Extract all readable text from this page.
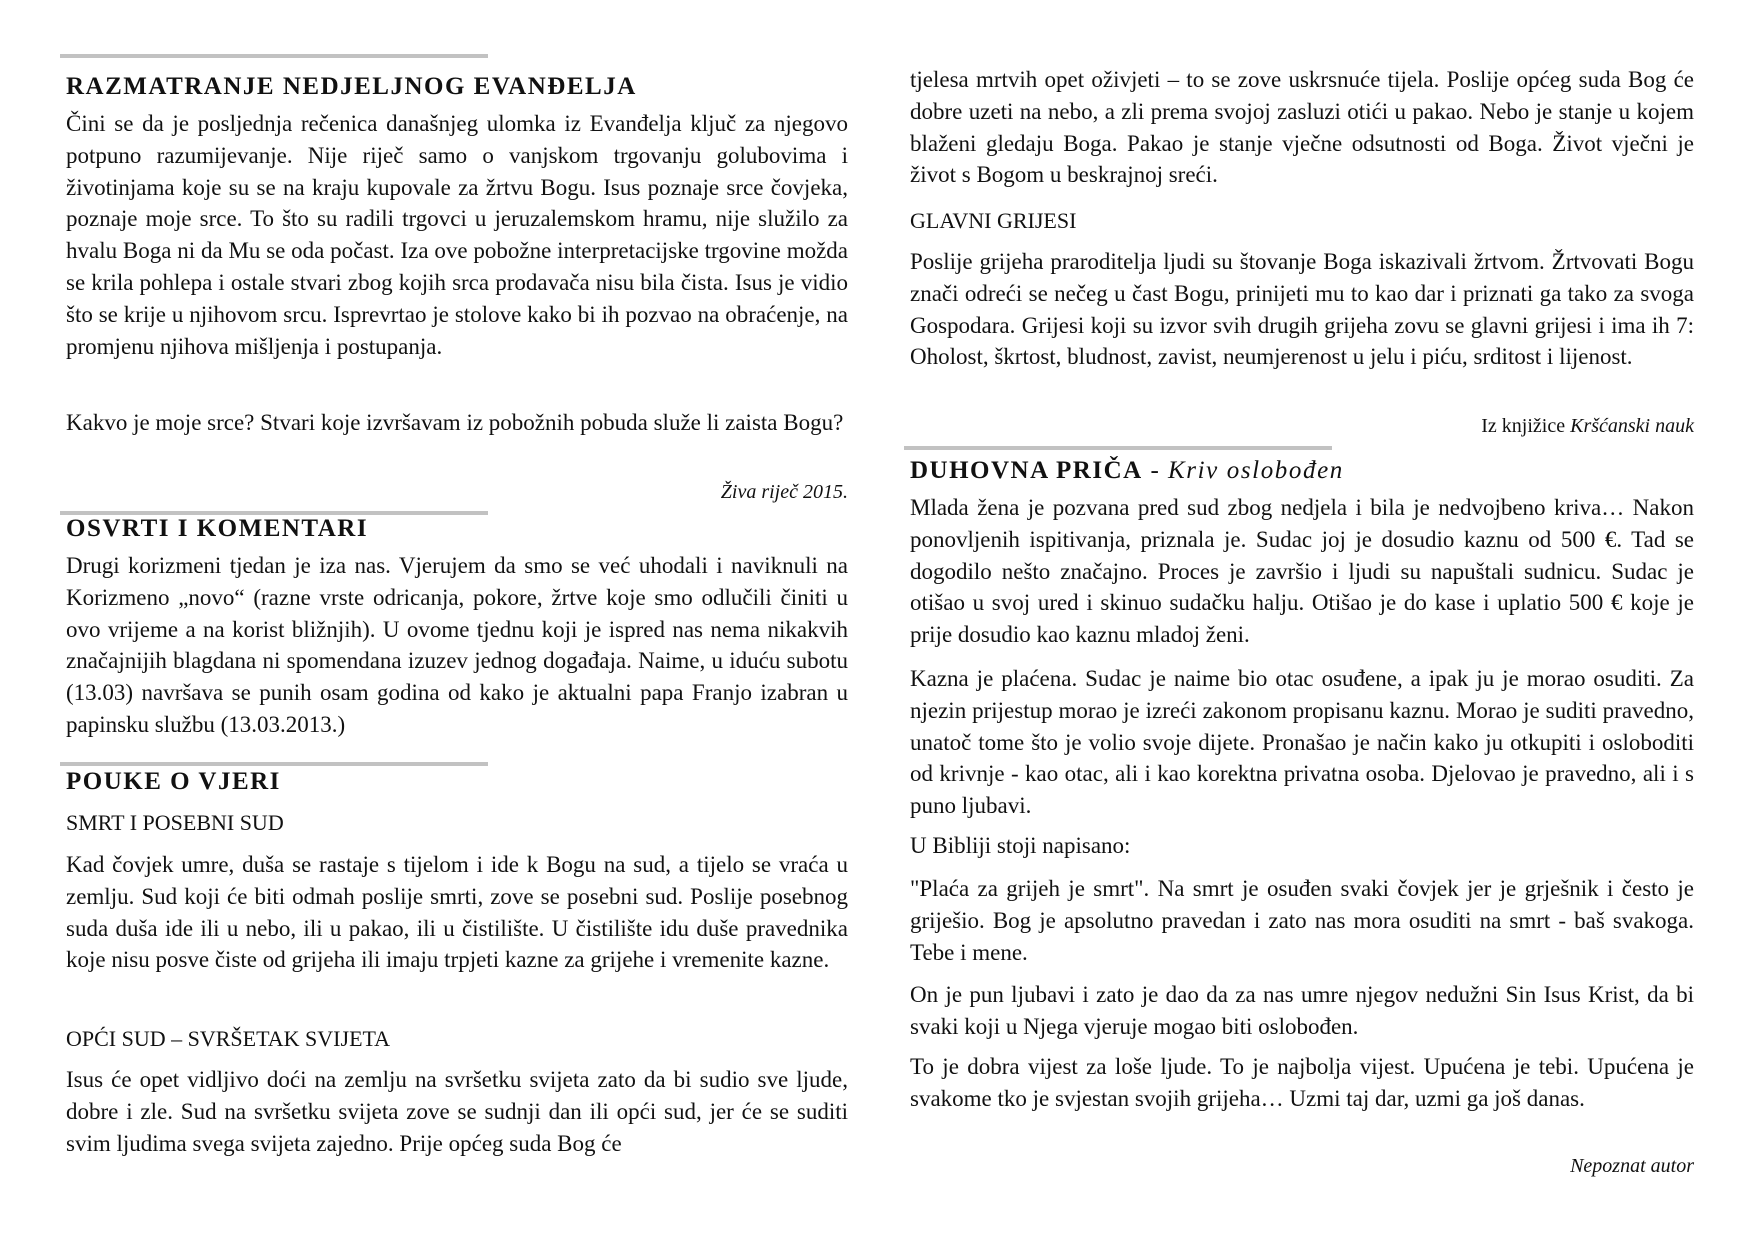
RAZMATRANJE NEDJELJNOG EVANĐELJA

Čini se da je posljednja rečenica današnjeg ulomka iz Evanđelja ključ za njegovo potpuno razumijevanje. Nije riječ samo o vanjskom trgovanju golubovima i životinjama koje su se na kraju kupovale za žrtvu Bogu. Isus poznaje srce čovjeka, poznaje moje srce. To što su radili trgovci u jeruzalemskom hramu, nije služilo za hvalu Boga ni da Mu se oda počast. Iza ove pobožne interpretacijske trgovine možda se krila pohlepa i ostale stvari zbog kojih srca prodavača nisu bila čista. Isus je vidio što se krije u njihovom srcu. Isprevrtao je stolove kako bi ih pozvao na obraćenje, na promjenu njihova mišljenja i postupanja.

Kakvo je moje srce? Stvari koje izvršavam iz pobožnih pobuda služe li zaista Bogu?

Živa riječ 2015.
OSVRTI I KOMENTARI

Drugi korizmeni tjedan je iza nas. Vjerujem da smo se već uhodali i naviknuli na Korizmeno „novo“ (razne vrste odricanja, pokore, žrtve koje smo odlučili činiti u ovo vrijeme a na korist bližnjih). U ovome tjednu koji je ispred nas nema nikakvih značajnijih blagdana ni spomendana izuzev jednog događaja. Naime, u iduću subotu (13.03) navršava se punih osam godina od kako je aktualni papa Franjo izabran u papinsku službu (13.03.2013.)

POUKE O VJERI
SMRT I POSEBNI SUD

Kad čovjek umre, duša se rastaje s tijelom i ide k Bogu na sud, a tijelo se vraća u zemlju. Sud koji će biti odmah poslije smrti, zove se posebni sud. Poslije posebnog suda duša ide ili u nebo, ili u pakao, ili u čistilište. U čistilište idu duše pravednika koje nisu posve čiste od grijeha ili imaju trpjeti kazne za grijehe i vremenite kazne.

OPĆI SUD – SVRŠETAK SVIJETA

Isus će opet vidljivo doći na zemlju na svršetku svijeta zato da bi sudio sve ljude, dobre i zle. Sud na svršetku svijeta zove se sudnji dan ili opći sud, jer će se suditi svim ljudima svega svijeta zajedno. Prije općeg suda Bog će

tjelesa mrtvih opet oživjeti – to se zove uskrsnuće tijela. Poslije općeg suda Bog će dobre uzeti na nebo, a zli prema svojoj zasluzi otići u pakao. Nebo je stanje u kojem blaženi gledaju Boga. Pakao je stanje vječne odsutnosti od Boga. Život vječni je život s Bogom u beskrajnoj sreći.

GLAVNI GRIJESI

Poslije grijeha praroditelja ljudi su štovanje Boga iskazivali žrtvom. Žrtvovati Bogu znači odreći se nečeg u čast Bogu, prinijeti mu to kao dar i priznati ga tako za svoga Gospodara. Grijesi koji su izvor svih drugih grijeha zovu se glavni grijesi i ima ih 7: Oholost, škrtost, bludnost, zavist, neumjerenost u jelu i piću, srditost i lijenost.

Iz knjižice Kršćanski nauk
DUHOVNA PRIČA - Kriv oslobođen

Mlada žena je pozvana pred sud zbog nedjela i bila je nedvojbeno kriva… Nakon ponovljenih ispitivanja, priznala je. Sudac joj je dosudio kaznu od 500 €. Tad se dogodilo nešto značajno. Proces je završio i ljudi su napuštali sudnicu. Sudac je otišao u svoj ured i skinuo sudačku halju. Otišao je do kase i uplatio 500 € koje je prije dosudio kao kaznu mladoj ženi.

Kazna je plaćena. Sudac je naime bio otac osuđene, a ipak ju je morao osuditi. Za njezin prijestup morao je izreći zakonom propisanu kaznu. Morao je suditi pravedno, unatoč tome što je volio svoje dijete. Pronašao je način kako ju otkupiti i osloboditi od krivnje - kao otac, ali i kao korektna privatna osoba. Djelovao je pravedno, ali i s puno ljubavi.

U Bibliji stoji napisano:

"Plaća za grijeh je smrt". Na smrt je osuđen svaki čovjek jer je grješnik i često je griješio. Bog je apsolutno pravedan i zato nas mora osuditi na smrt - baš svakoga. Tebe i mene.

On je pun ljubavi i zato je dao da za nas umre njegov nedužni Sin Isus Krist, da bi svaki koji u Njega vjeruje mogao biti oslobođen.

To je dobra vijest za loše ljude. To je najbolja vijest. Upućena je tebi. Upućena je svakome tko je svjestan svojih grijeha… Uzmi taj dar, uzmi ga još danas.

Nepoznat autor
